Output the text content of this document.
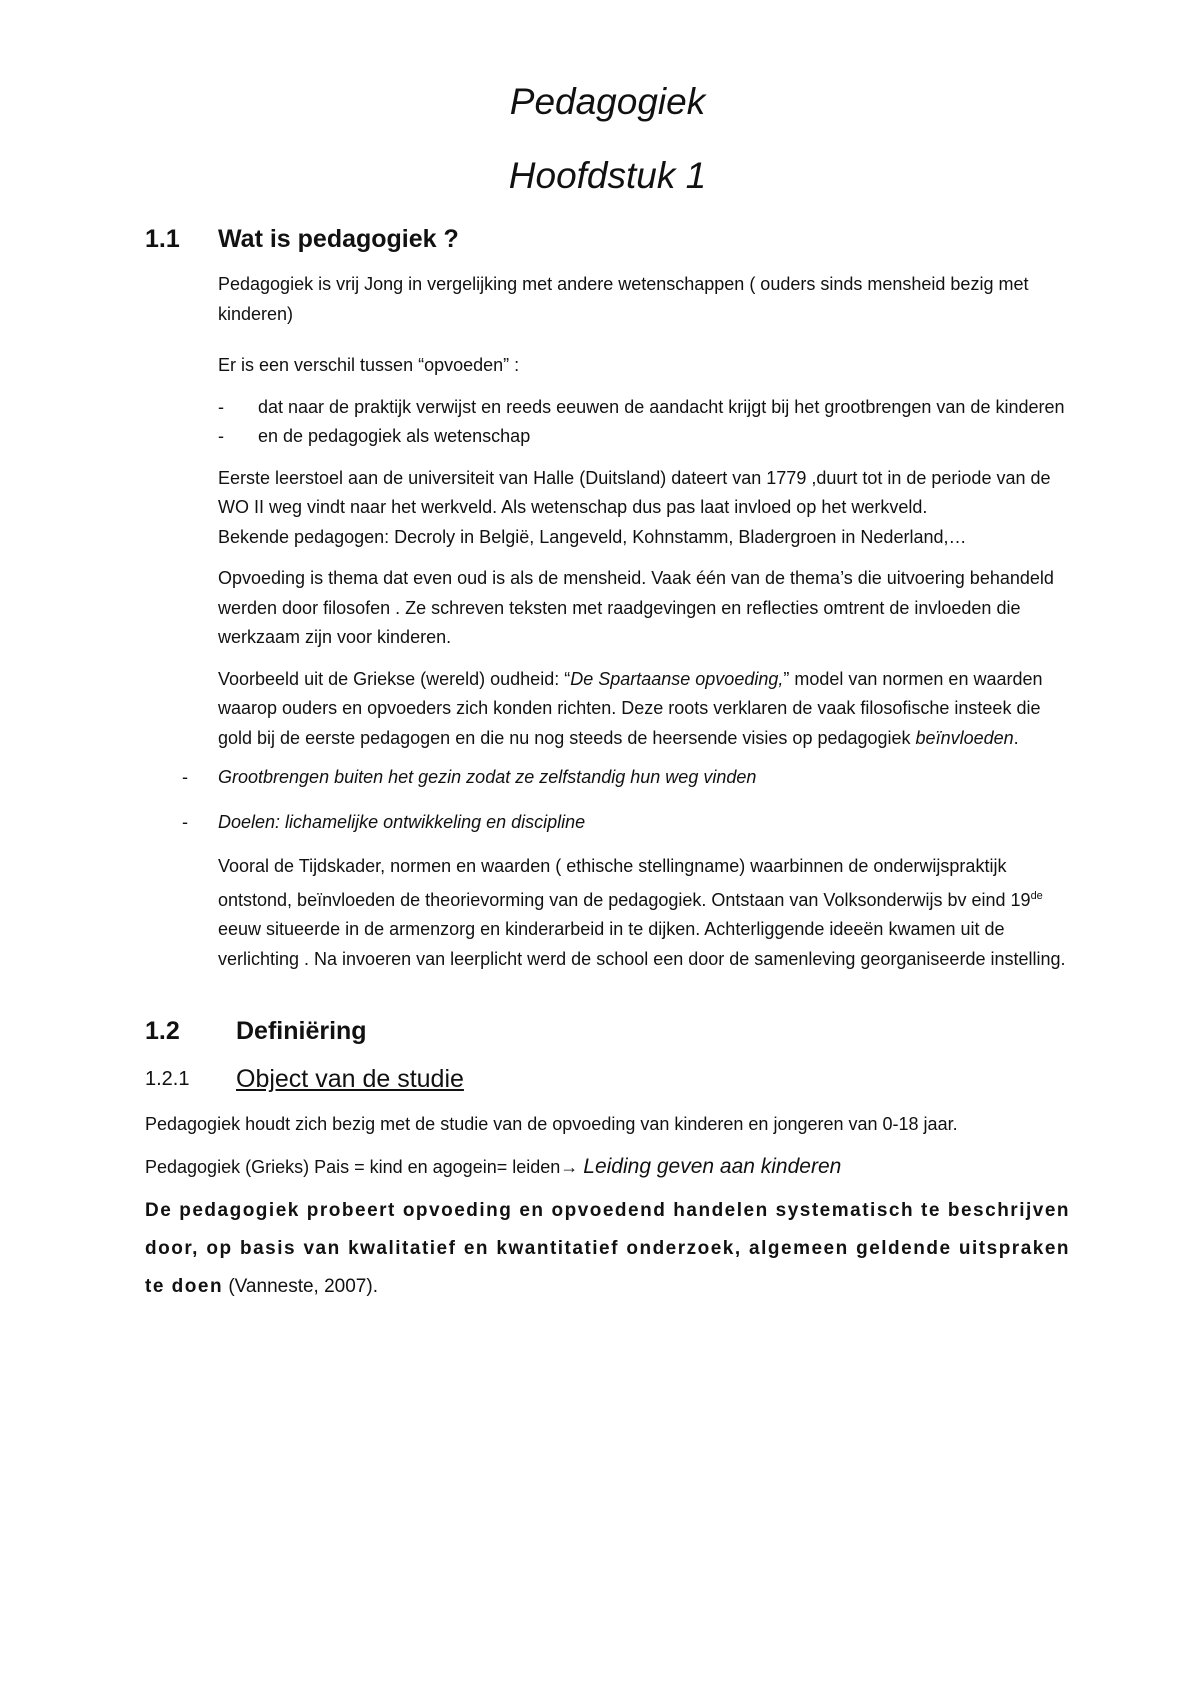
Pedagogiek
Hoofdstuk 1
1.1	Wat is pedagogiek ?

Pedagogiek is vrij Jong in vergelijking met andere wetenschappen ( ouders sinds mensheid bezig met kinderen)

Er is een verschil tussen “opvoeden” :

- dat naar de praktijk verwijst en reeds eeuwen de aandacht krijgt bij het grootbrengen van de kinderen
- en de pedagogiek als wetenschap

Eerste leerstoel aan de universiteit van Halle (Duitsland) dateert van 1779 ,duurt tot in de periode van de WO II weg vindt naar het werkveld. Als wetenschap dus pas laat invloed op het werkveld.

Bekende pedagogen: Decroly in België, Langeveld, Kohnstamm, Bladergroen in Nederland,…

Opvoeding is thema dat even oud is als de mensheid. Vaak één van de thema’s die uitvoering behandeld werden door filosofen . Ze schreven teksten met raadgevingen en reflecties omtrent de invloeden die werkzaam zijn voor kinderen.

Voorbeeld uit de Griekse (wereld) oudheid: “De Spartaanse opvoeding,” model van normen en waarden waarop ouders en opvoeders zich konden richten. Deze roots verklaren de vaak filosofische insteek die gold bij de eerste pedagogen en die nu nog steeds de heersende visies op pedagogiek beïnvloeden.

- Grootbrengen buiten het gezin zodat ze zelfstandig hun weg vinden
- Doelen: lichamelijke ontwikkeling en discipline

Vooral de Tijdskader, normen en waarden ( ethische stellingname) waarbinnen de onderwijspraktijk ontstond, beïnvloeden de theorievorming van de pedagogiek. Ontstaan van Volksonderwijs bv eind 19de eeuw situeerde in de armenzorg en kinderarbeid in te dijken. Achterliggende ideeën kwamen uit de verlichting . Na invoeren van leerplicht werd de school een door de samenleving georganiseerde instelling.

1.2	Definiëring
1.2.1	Object van de studie

Pedagogiek houdt zich bezig met de studie van de opvoeding van kinderen en jongeren van 0-18 jaar.

Pedagogiek (Grieks) Pais = kind en agogein= leiden→ Leiding geven aan kinderen

De pedagogiek probeert opvoeding en opvoedend handelen systematisch te beschrijven door, op basis van kwalitatief en kwantitatief onderzoek, algemeen geldende uitspraken te doen (Vanneste, 2007).
